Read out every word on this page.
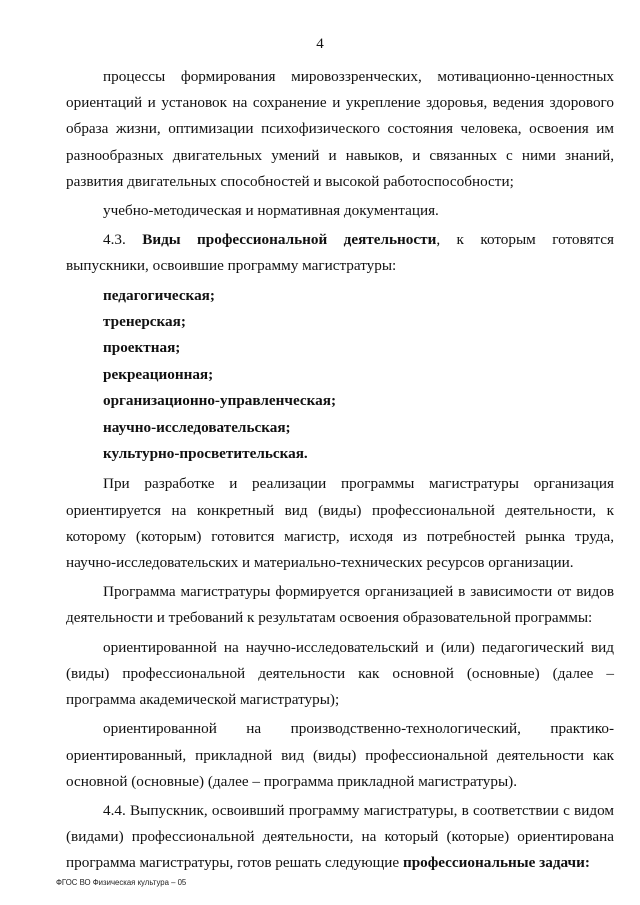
4

процессы формирования мировоззренческих, мотивационно-ценностных ориентаций и установок на сохранение и укрепление здоровья, ведения здорового образа жизни, оптимизации психофизического состояния человека, освоения им разнообразных двигательных умений и навыков, и связанных с ними знаний, развития двигательных способностей и высокой работоспособности;

учебно-методическая и нормативная документация.

4.3. Виды профессиональной деятельности, к которым готовятся выпускники, освоившие программу магистратуры:

педагогическая;
тренерская;
проектная;
рекреационная;
организационно-управленческая;
научно-исследовательская;
культурно-просветительская.

При разработке и реализации программы магистратуры организация ориентируется на конкретный вид (виды) профессиональной деятельности, к которому (которым) готовится магистр, исходя из потребностей рынка труда, научно-исследовательских и материально-технических ресурсов организации.

Программа магистратуры формируется организацией в зависимости от видов деятельности и требований к результатам освоения образовательной программы:

ориентированной на научно-исследовательский и (или) педагогический вид (виды) профессиональной деятельности как основной (основные) (далее – программа академической магистратуры);

ориентированной на производственно-технологический, практико-ориентированный, прикладной вид (виды) профессиональной деятельности как основной (основные) (далее – программа прикладной магистратуры).

4.4. Выпускник, освоивший программу магистратуры, в соответствии с видом (видами) профессиональной деятельности, на который (которые) ориентирована программа магистратуры, готов решать следующие профессиональные задачи:

ФГОС ВО Физическая культура – 05
